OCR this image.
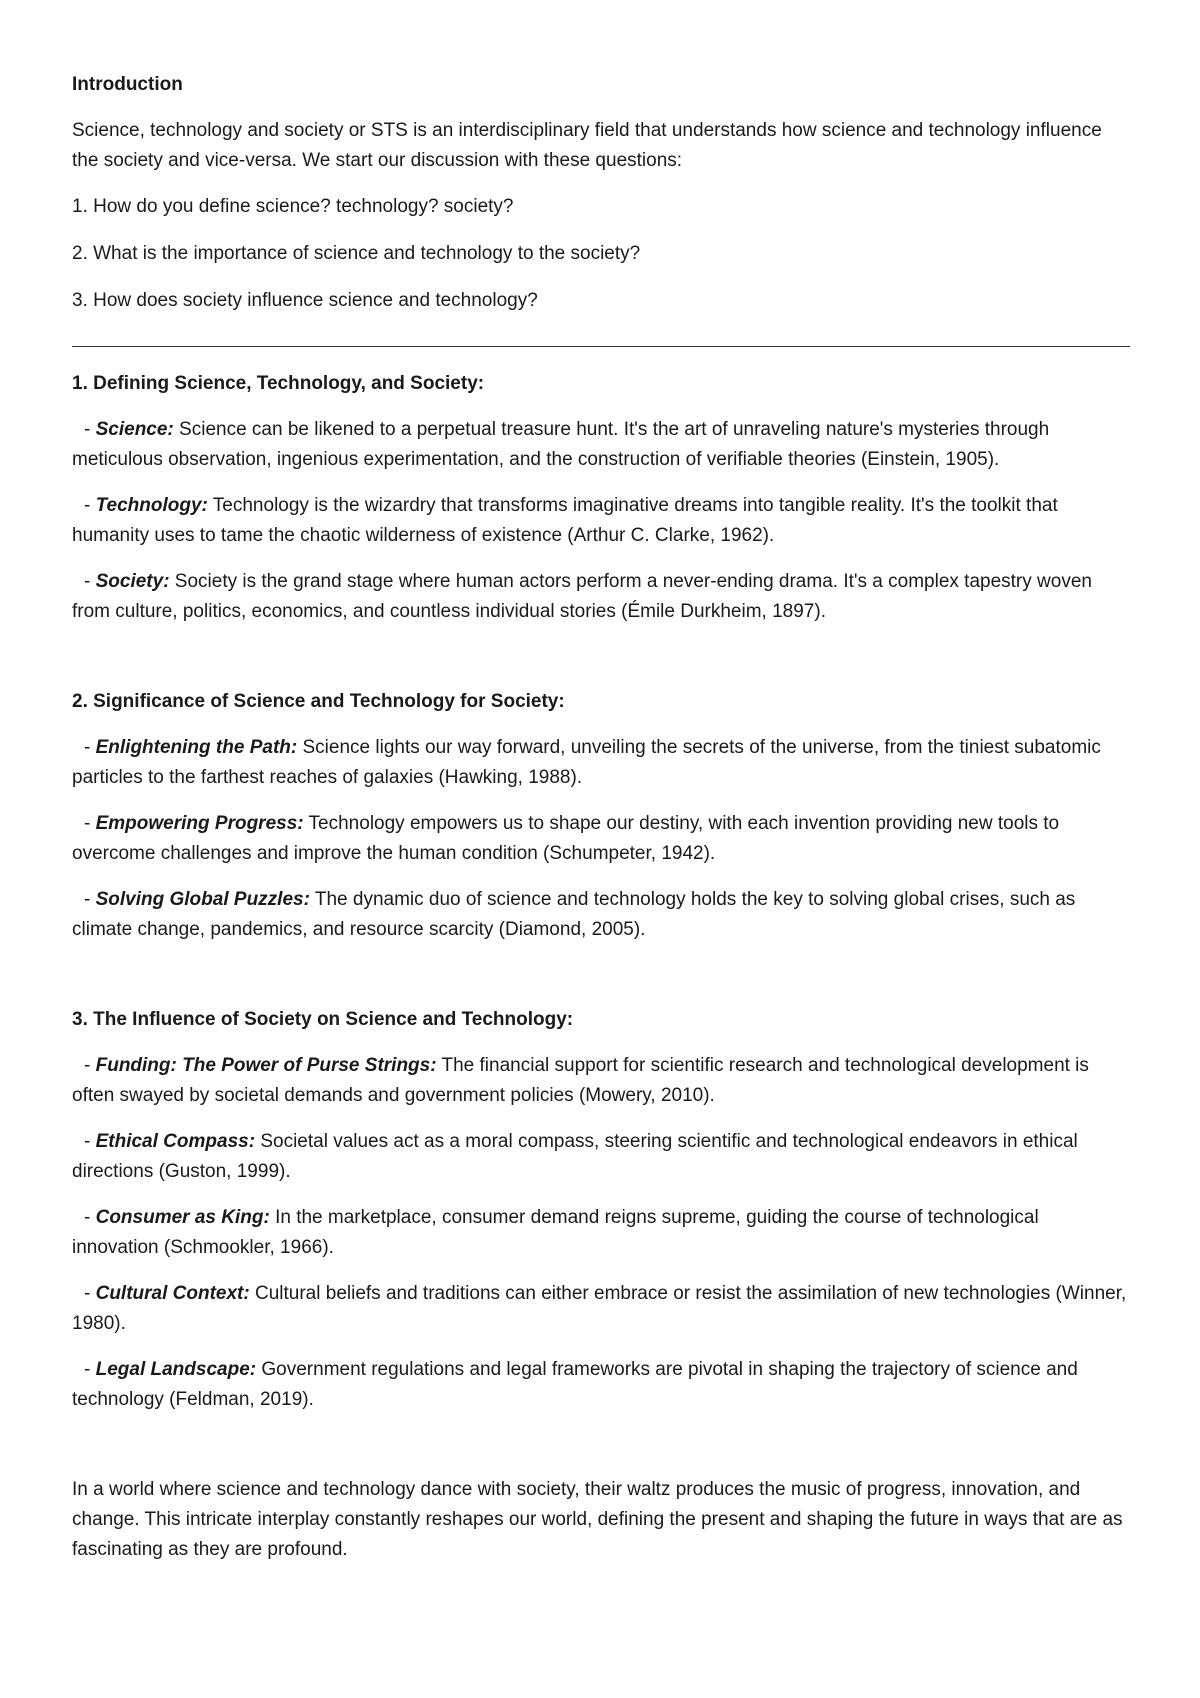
Introduction

Science, technology and society or STS is an interdisciplinary field that understands how science and technology influence the society and vice-versa. We start our discussion with these questions:

1. How do you define science? technology? society?

2. What is the importance of science and technology to the society?

3. How does society influence science and technology?

1. Defining Science, Technology, and Society:

- Science: Science can be likened to a perpetual treasure hunt. It's the art of unraveling nature's mysteries through meticulous observation, ingenious experimentation, and the construction of verifiable theories (Einstein, 1905).

- Technology: Technology is the wizardry that transforms imaginative dreams into tangible reality. It's the toolkit that humanity uses to tame the chaotic wilderness of existence (Arthur C. Clarke, 1962).

- Society: Society is the grand stage where human actors perform a never-ending drama. It's a complex tapestry woven from culture, politics, economics, and countless individual stories (Émile Durkheim, 1897).

2. Significance of Science and Technology for Society:

- Enlightening the Path: Science lights our way forward, unveiling the secrets of the universe, from the tiniest subatomic particles to the farthest reaches of galaxies (Hawking, 1988).

- Empowering Progress: Technology empowers us to shape our destiny, with each invention providing new tools to overcome challenges and improve the human condition (Schumpeter, 1942).

- Solving Global Puzzles: The dynamic duo of science and technology holds the key to solving global crises, such as climate change, pandemics, and resource scarcity (Diamond, 2005).

3. The Influence of Society on Science and Technology:

- Funding: The Power of Purse Strings: The financial support for scientific research and technological development is often swayed by societal demands and government policies (Mowery, 2010).

- Ethical Compass: Societal values act as a moral compass, steering scientific and technological endeavors in ethical directions (Guston, 1999).

- Consumer as King: In the marketplace, consumer demand reigns supreme, guiding the course of technological innovation (Schmookler, 1966).

- Cultural Context: Cultural beliefs and traditions can either embrace or resist the assimilation of new technologies (Winner, 1980).

- Legal Landscape: Government regulations and legal frameworks are pivotal in shaping the trajectory of science and technology (Feldman, 2019).

In a world where science and technology dance with society, their waltz produces the music of progress, innovation, and change. This intricate interplay constantly reshapes our world, defining the present and shaping the future in ways that are as fascinating as they are profound.
